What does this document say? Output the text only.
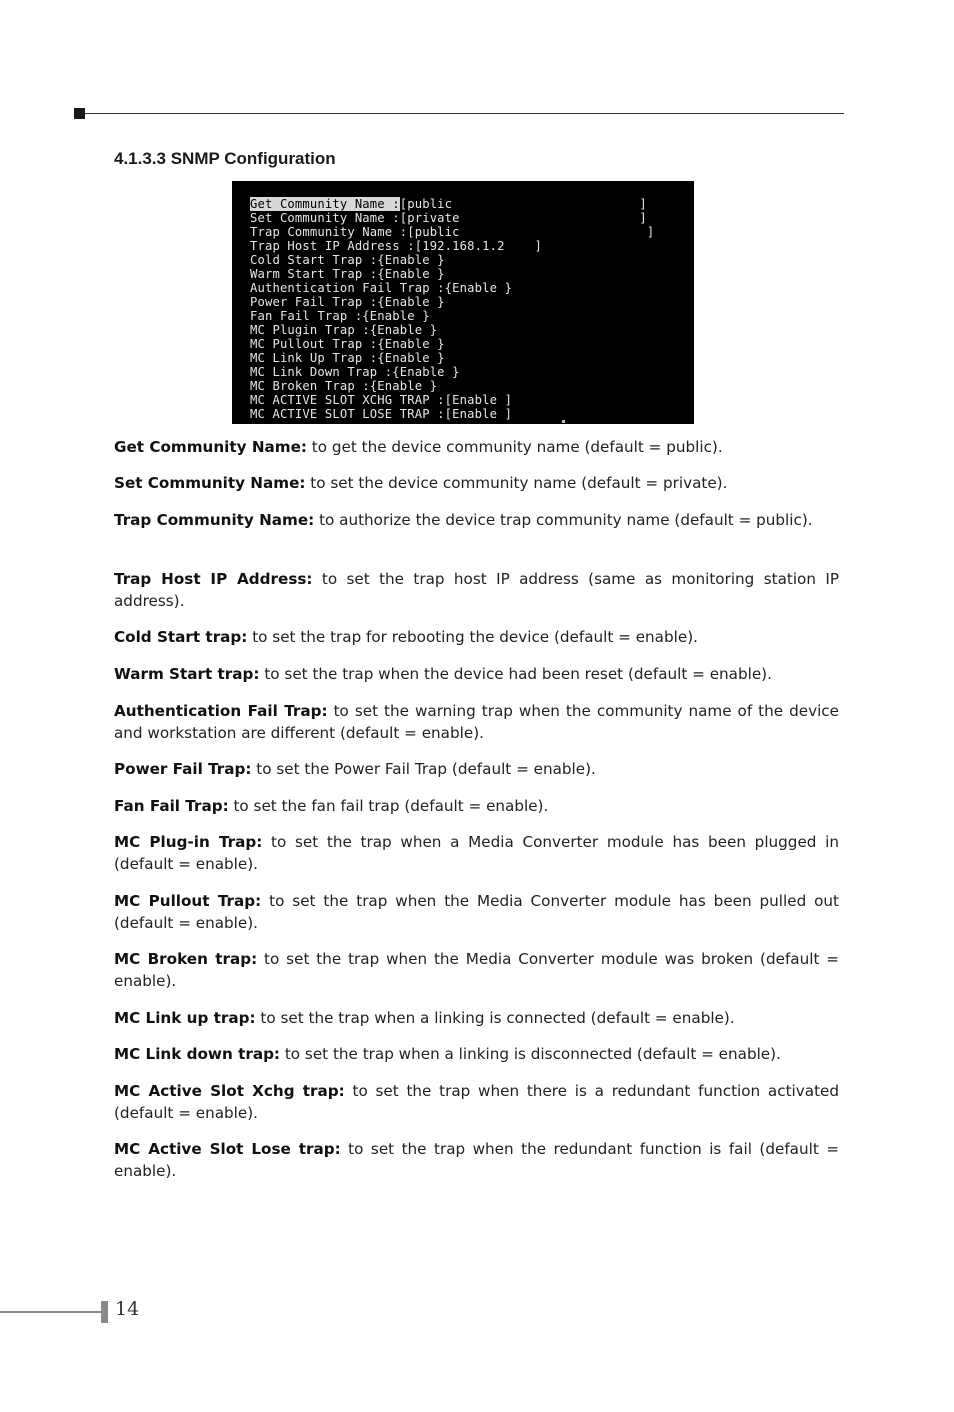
4.1.3.3 SNMP Configuration
Get Community Name :[public                         ]
Set Community Name :[private                        ]
Trap Community Name :[public                         ]
Trap Host IP Address :[192.168.1.2    ]
Cold Start Trap :{Enable }
Warm Start Trap :{Enable }
Authentication Fail Trap :{Enable }
Power Fail Trap :{Enable }
Fan Fail Trap :{Enable }
MC Plugin Trap :{Enable }
MC Pullout Trap :{Enable }
MC Link Up Trap :{Enable }
MC Link Down Trap :{Enable }
MC Broken Trap :{Enable }
MC ACTIVE SLOT XCHG TRAP :[Enable ]
MC ACTIVE SLOT LOSE TRAP :[Enable ]

Get Community Name: to get the device community name (default = public).

Set Community Name: to set the device community name (default = private).

Trap Community Name: to authorize the device trap community name (default = public).

Trap Host IP Address: to set the trap host IP address (same as monitoring station IP address).

Cold Start trap: to set the trap for rebooting the device (default = enable).

Warm Start trap: to set the trap when the device had been reset (default = enable).

Authentication Fail Trap: to set the warning trap when the community name of the device and workstation are different (default = enable).

Power Fail Trap: to set the Power Fail Trap (default = enable).

Fan Fail Trap: to set the fan fail trap (default = enable).

MC Plug-in Trap: to set the trap when a Media Converter module has been plugged in (default = enable).

MC Pullout Trap: to set the trap when the Media Converter module has been pulled out (default = enable).

MC Broken trap: to set the trap when the Media Converter module was broken (default = enable).

MC Link up trap: to set the trap when a linking is connected (default = enable).

MC Link down trap: to set the trap when a linking is disconnected (default = enable).

MC Active Slot Xchg trap: to set the trap when there is a redundant function activated (default = enable).

MC Active Slot Lose trap: to set the trap when the redundant function is fail (default = enable).

14
